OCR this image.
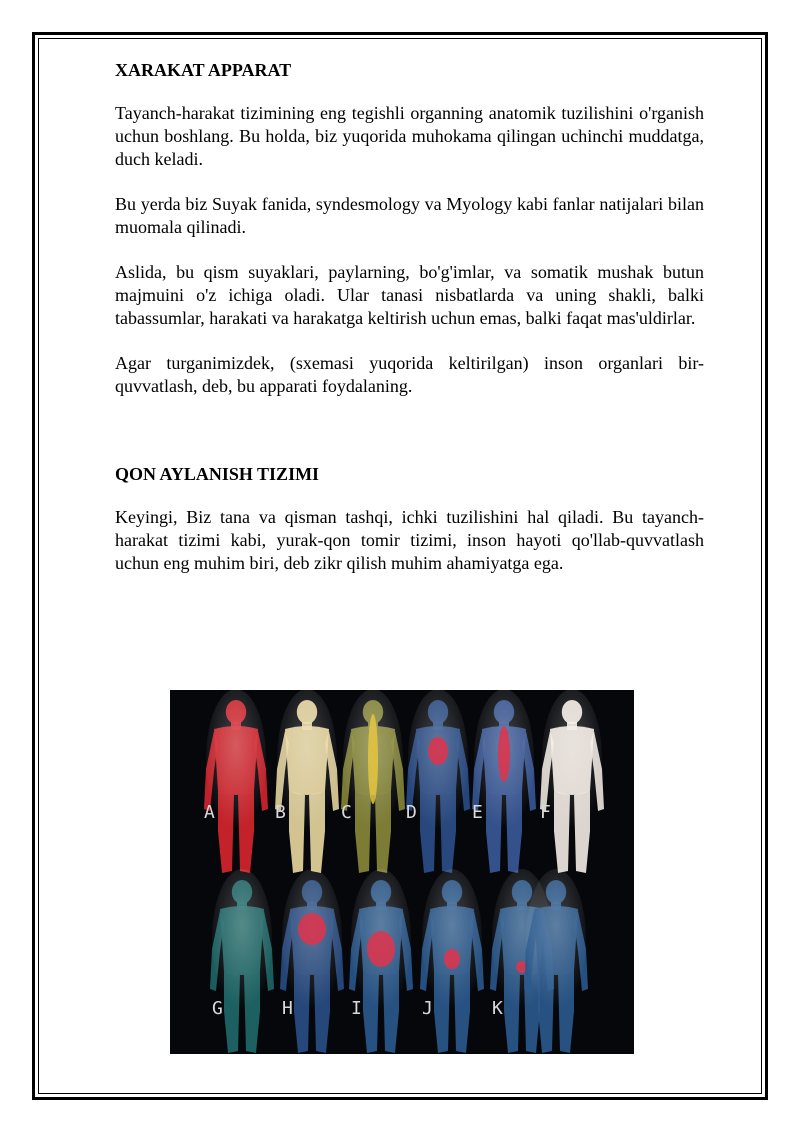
XARAKAT APPARAT

Tayanch-harakat tizimining eng tegishli organning anatomik tuzilishini o'rganish uchun boshlang. Bu holda, biz yuqorida muhokama qilingan uchinchi muddatga, duch keladi.

Bu yerda biz Suyak fanida, syndesmology va Myology kabi fanlar natijalari bilan muomala qilinadi.

Aslida, bu qism suyaklari, paylarning, bo'g'imlar, va somatik mushak butun majmuini o'z ichiga oladi. Ular tanasi nisbatlarda va uning shakli, balki tabassumlar, harakati va harakatga keltirish uchun emas, balki faqat mas'uldirlar.

Agar turganimizdek, (sxemasi yuqorida keltirilgan) inson organlari bir-quvvatlash, deb, bu apparati foydalaning.

QON AYLANISH TIZIMI

Keyingi, Biz tana va qisman tashqi, ichki tuzilishini hal qiladi. Bu tayanch-harakat tizimi kabi, yurak-qon tomir tizimi, inson hayoti qo'llab-quvvatlash uchun eng muhim biri, deb zikr qilish muhim ahamiyatga ega.

A	B	C	D	E	F
G	H	I	J	K
